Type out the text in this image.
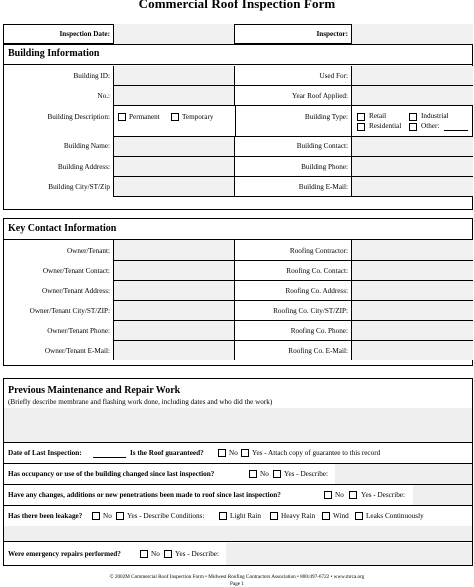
Commercial Roof Inspection Form
Inspection Date:	Inspector:
Building Information
Building ID:	Used For:
No.:	Year Roof Applied:
Building Description:	Permanent	Temporary	Building Type:	Retail	Industrial
Residential	Other:
Building Name:	Building Contact:
Building Address:	Building Phone:
Building City/ST/Zip	Building E-Mail:
Key Contact Information
Owner/Tenant:	Roofing Contractor:
Owner/Tenant Contact:	Roofing Co. Contact:
Owner/Tenant Address:	Roofing Co. Address:
Owner/Tenant City/ST/ZIP:	Roofing Co. City/ST/ZIP:
Owner/Tenant Phone:	Roofing Co. Phone:
Owner/Tenant E-Mail:	Roofing Co. E-Mail:
Previous Maintenance and Repair Work
(Briefly describe membrane and flashing work done, including dates and who did the work)
Date of Last Inspection:	Is the Roof guaranteed?	No Yes - Attach copy of guarantee to this record
Has occupancy or use of the building changed since last inspection?	No Yes - Describe:
Have any changes, additions or new penetrations been made to roof since last inspection?	No Yes - Describe:
Has there been leakage?	No Yes - Describe Conditions:	Light Rain	Heavy Rain Wind Leaks Continuously
Were emergency repairs performed?	No Yes - Describe:
© 2002M Commercial Roof Inspection Form • Midwest Roofing Contractors Association • 800/497-6722 • www.mrca.org
Page 1
